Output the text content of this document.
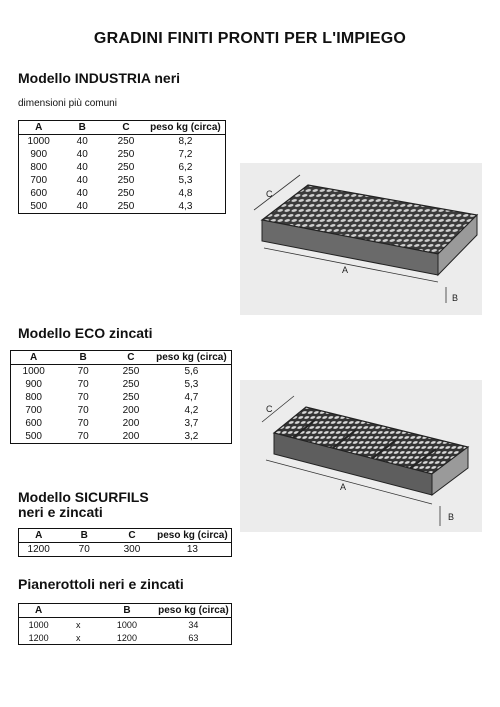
GRADINI FINITI PRONTI PER L'IMPIEGO
Modello INDUSTRIA neri
dimensioni più comuni
A	B	C	peso kg (circa)
1000	40	250	8,2
900	40	250	7,2
800	40	250	6,2
700	40	250	5,3
600	40	250	4,8
500	40	250	4,3
C
A
B
Modello ECO zincati
A	B	C	peso kg (circa)
1000	70	250	5,6
900	70	250	5,3
800	70	250	4,7
700	70	200	4,2
600	70	200	3,7
500	70	200	3,2
C
A
B
Modello SICURFILS
neri e zincati
A	B	C	peso kg (circa)
1200	70	300	13
Pianerottoli neri e zincati
A		B	peso kg (circa)
1000	x	1000	34
1200	x	1200	63
